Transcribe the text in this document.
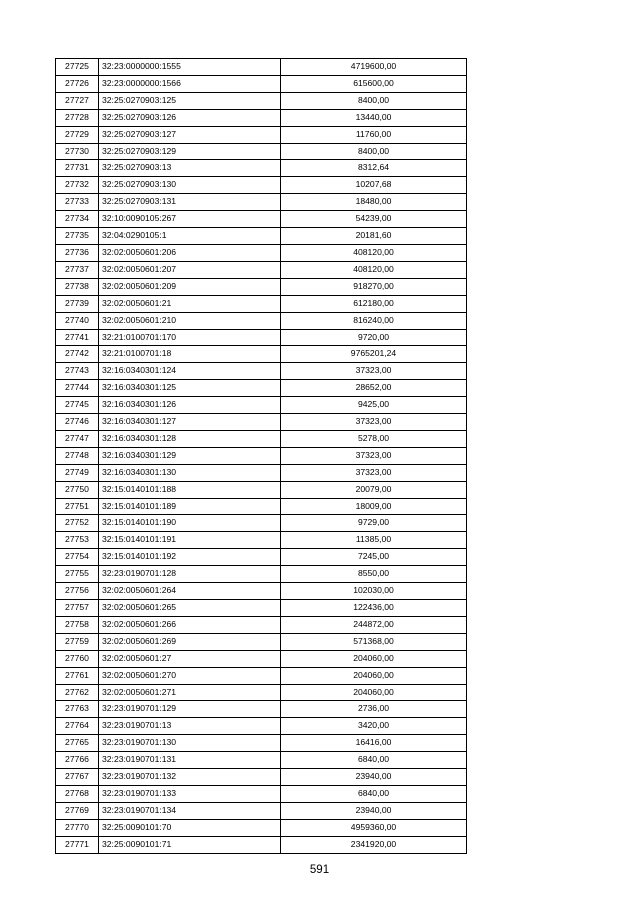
27725	32:23:0000000:1555	4719600,00
27726	32:23:0000000:1566	615600,00
27727	32:25:0270903:125	8400,00
27728	32:25:0270903:126	13440,00
27729	32:25:0270903:127	11760,00
27730	32:25:0270903:129	8400,00
27731	32:25:0270903:13	8312,64
27732	32:25:0270903:130	10207,68
27733	32:25:0270903:131	18480,00
27734	32:10:0090105:267	54239,00
27735	32:04:0290105:1	20181,60
27736	32:02:0050601:206	408120,00
27737	32:02:0050601:207	408120,00
27738	32:02:0050601:209	918270,00
27739	32:02:0050601:21	612180,00
27740	32:02:0050601:210	816240,00
27741	32:21:0100701:170	9720,00
27742	32:21:0100701:18	9765201,24
27743	32:16:0340301:124	37323,00
27744	32:16:0340301:125	28652,00
27745	32:16:0340301:126	9425,00
27746	32:16:0340301:127	37323,00
27747	32:16:0340301:128	5278,00
27748	32:16:0340301:129	37323,00
27749	32:16:0340301:130	37323,00
27750	32:15:0140101:188	20079,00
27751	32:15:0140101:189	18009,00
27752	32:15:0140101:190	9729,00
27753	32:15:0140101:191	11385,00
27754	32:15:0140101:192	7245,00
27755	32:23:0190701:128	8550,00
27756	32:02:0050601:264	102030,00
27757	32:02:0050601:265	122436,00
27758	32:02:0050601:266	244872,00
27759	32:02:0050601:269	571368,00
27760	32:02:0050601:27	204060,00
27761	32:02:0050601:270	204060,00
27762	32:02:0050601:271	204060,00
27763	32:23:0190701:129	2736,00
27764	32:23:0190701:13	3420,00
27765	32:23:0190701:130	16416,00
27766	32:23:0190701:131	6840,00
27767	32:23:0190701:132	23940,00
27768	32:23:0190701:133	6840,00
27769	32:23:0190701:134	23940,00
27770	32:25:0090101:70	4959360,00
27771	32:25:0090101:71	2341920,00
591
